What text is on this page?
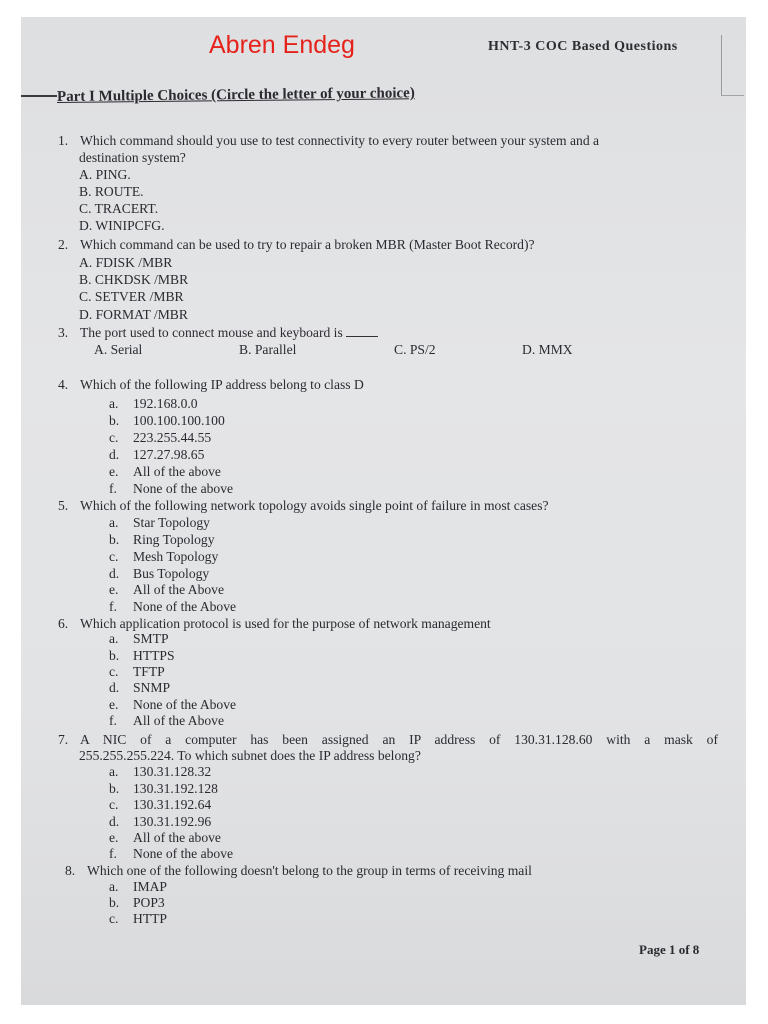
Abren Endeg	HNT-3 COC Based Questions
Part I Multiple Choices (Circle the letter of your choice)
1. Which command should you use to test connectivity to every router between your system and a
destination system?
A. PING.
B. ROUTE.
C. TRACERT.
D. WINIPCFG.
2. Which command can be used to try to repair a broken MBR (Master Boot Record)?
A. FDISK /MBR
B. CHKDSK /MBR
C. SETVER /MBR
D. FORMAT /MBR
3. The port used to connect mouse and keyboard is
A. Serial	B. Parallel	C. PS/2	D. MMX
4. Which of the following IP address belong to class D
a. 192.168.0.0
b. 100.100.100.100
c. 223.255.44.55
d. 127.27.98.65
e. All of the above
f. None of the above
5. Which of the following network topology avoids single point of failure in most cases?
a. Star Topology
b. Ring Topology
c. Mesh Topology
d. Bus Topology
e. All of the Above
f. None of the Above
6. Which application protocol is used for the purpose of network management
a. SMTP
b. HTTPS
c. TFTP
d. SNMP
e. None of the Above
f. All of the Above
7. A NIC of a computer has been assigned an IP address of 130.31.128.60 with a mask of
255.255.255.224. To which subnet does the IP address belong?
a. 130.31.128.32
b. 130.31.192.128
c. 130.31.192.64
d. 130.31.192.96
e. All of the above
f. None of the above
8. Which one of the following doesn't belong to the group in terms of receiving mail
a. IMAP
b. POP3
c. HTTP
Page 1 of 8
